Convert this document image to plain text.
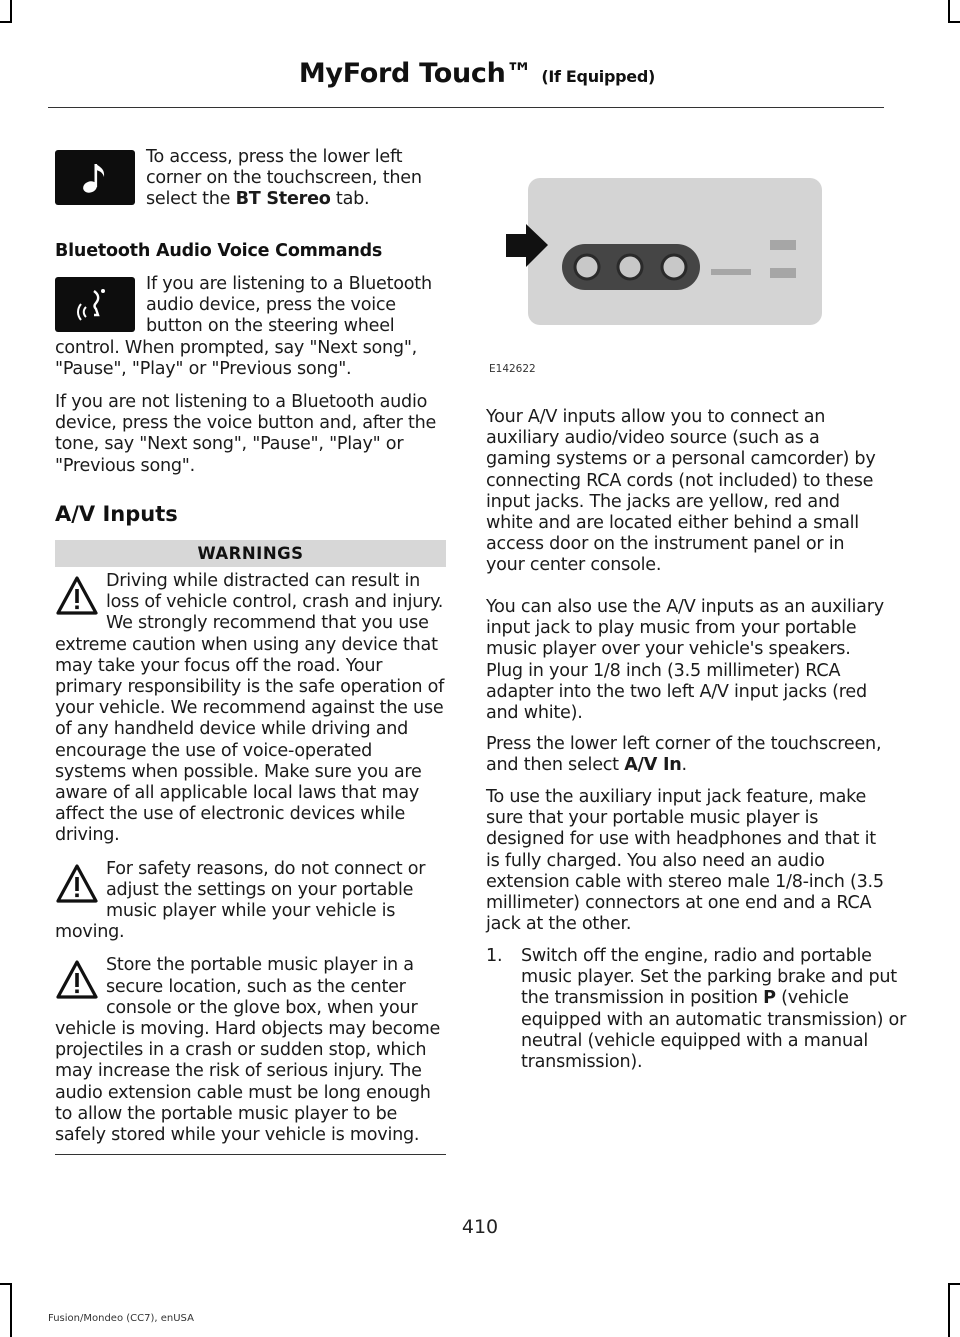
MyFord Touch™ (If Equipped)

To access, press the lower left corner on the touchscreen, then select the BT Stereo tab.

Bluetooth Audio Voice Commands

If you are listening to a Bluetooth audio device, press the voice button on the steering wheel control. When prompted, say "Next song", "Pause", "Play" or "Previous song".

If you are not listening to a Bluetooth audio device, press the voice button and, after the tone, say "Next song", "Pause", "Play" or "Previous song".

A/V Inputs
WARNINGS

Driving while distracted can result in loss of vehicle control, crash and injury. We strongly recommend that you use extreme caution when using any device that may take your focus off the road. Your primary responsibility is the safe operation of your vehicle. We recommend against the use of any handheld device while driving and encourage the use of voice-operated systems when possible. Make sure you are aware of all applicable local laws that may affect the use of electronic devices while driving.

For safety reasons, do not connect or adjust the settings on your portable music player while your vehicle is moving.

Store the portable music player in a secure location, such as the center console or the glove box, when your vehicle is moving. Hard objects may become projectiles in a crash or sudden stop, which may increase the risk of serious injury. The audio extension cable must be long enough to allow the portable music player to be safely stored while your vehicle is moving.

E142622

Your A/V inputs allow you to connect an auxiliary audio/video source (such as a gaming systems or a personal camcorder) by connecting RCA cords (not included) to these input jacks. The jacks are yellow, red and white and are located either behind a small access door on the instrument panel or in your center console.

You can also use the A/V inputs as an auxiliary input jack to play music from your portable music player over your vehicle's speakers. Plug in your 1/8 inch (3.5 millimeter) RCA adapter into the two left A/V input jacks (red and white).

Press the lower left corner of the touchscreen, and then select A/V In.

To use the auxiliary input jack feature, make sure that your portable music player is designed for use with headphones and that it is fully charged. You also need an audio extension cable with stereo male 1/8-inch (3.5 millimeter) connectors at one end and a RCA jack at the other.

1. Switch off the engine, radio and portable music player. Set the parking brake and put the transmission in position P (vehicle equipped with an automatic transmission) or neutral (vehicle equipped with a manual transmission).

410

Fusion/Mondeo (CC7), enUSA
